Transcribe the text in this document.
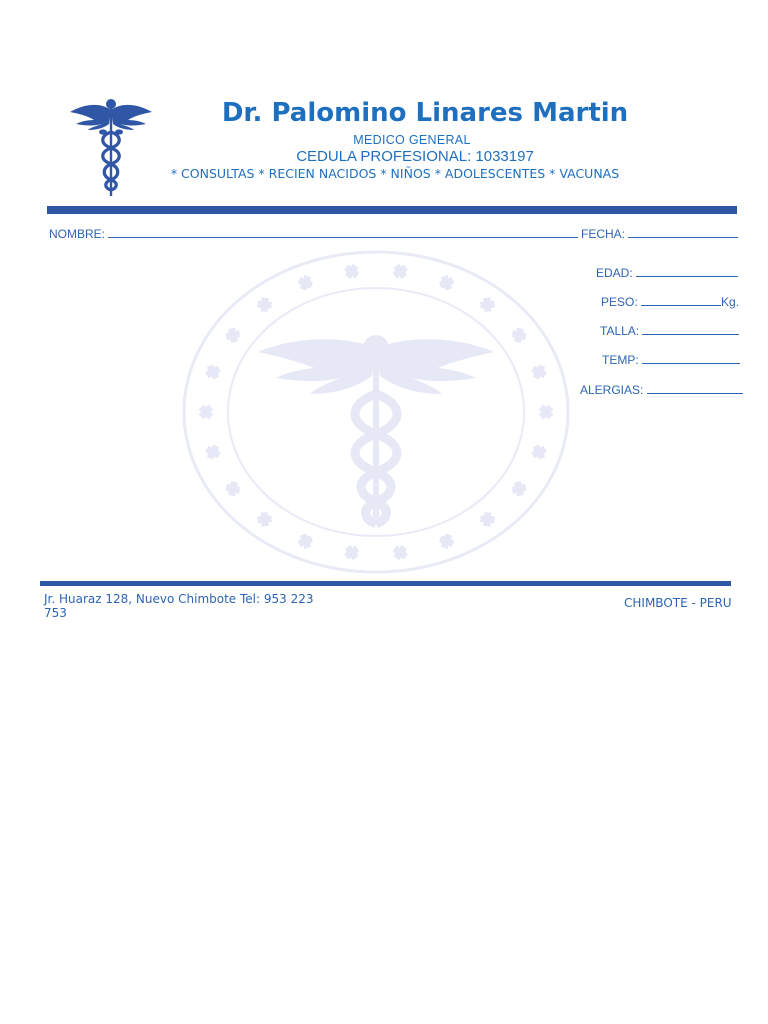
Dr. Palomino Linares Martin
MEDICO GENERAL
CEDULA PROFESIONAL: 1033197
* CONSULTAS * RECIEN NACIDOS * NIÑOS * ADOLESCENTES * VACUNAS
NOMBRE:	FECHA:
EDAD:
PESO:	Kg.
TALLA:
TEMP:
ALERGIAS:
Jr. Huaraz 128, Nuevo Chimbote Tel: 953 223 753
CHIMBOTE - PERU
